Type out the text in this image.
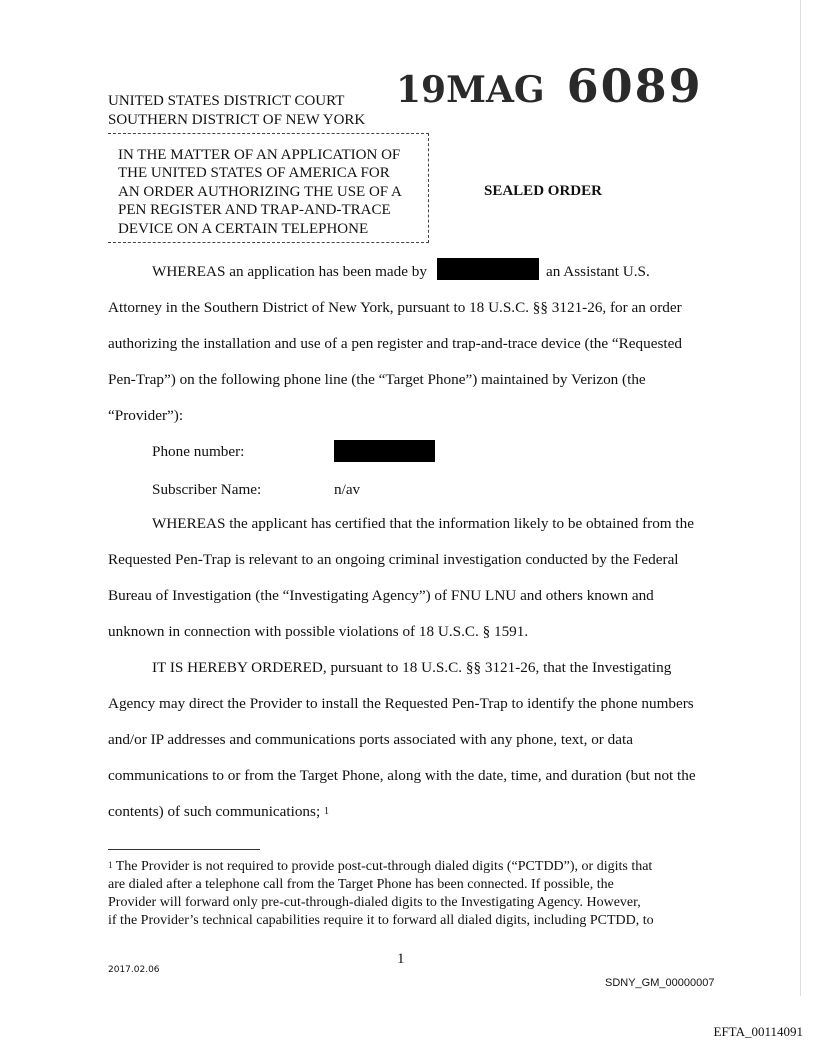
UNITED STATES DISTRICT COURT
SOUTHERN DISTRICT OF NEW YORK
19MAG 6089
IN THE MATTER OF AN APPLICATION OF
THE UNITED STATES OF AMERICA FOR
AN ORDER AUTHORIZING THE USE OF A
PEN REGISTER AND TRAP-AND-TRACE
DEVICE ON A CERTAIN TELEPHONE
SEALED ORDER
WHEREAS an application has been made by	an Assistant U.S.
Attorney in the Southern District of New York, pursuant to 18 U.S.C. §§ 3121-26, for an order
authorizing the installation and use of a pen register and trap-and-trace device (the “Requested
Pen-Trap”) on the following phone line (the “Target Phone”) maintained by Verizon (the
“Provider”):
Phone number:
Subscriber Name:	n/av
WHEREAS the applicant has certified that the information likely to be obtained from the
Requested Pen-Trap is relevant to an ongoing criminal investigation conducted by the Federal
Bureau of Investigation (the “Investigating Agency”) of FNU LNU and others known and
unknown in connection with possible violations of 18 U.S.C. § 1591.
IT IS HEREBY ORDERED, pursuant to 18 U.S.C. §§ 3121-26, that the Investigating
Agency may direct the Provider to install the Requested Pen-Trap to identify the phone numbers
and/or IP addresses and communications ports associated with any phone, text, or data
communications to or from the Target Phone, along with the date, time, and duration (but not the
contents) of such communications; $^1$
$^1$ The Provider is not required to provide post-cut-through dialed digits (“PCTDD”), or digits that
are dialed after a telephone call from the Target Phone has been connected. If possible, the
Provider will forward only pre-cut-through-dialed digits to the Investigating Agency. However,
if the Provider’s technical capabilities require it to forward all dialed digits, including PCTDD, to
1
2017.02.06
SDNY_GM_00000007
EFTA_00114091
